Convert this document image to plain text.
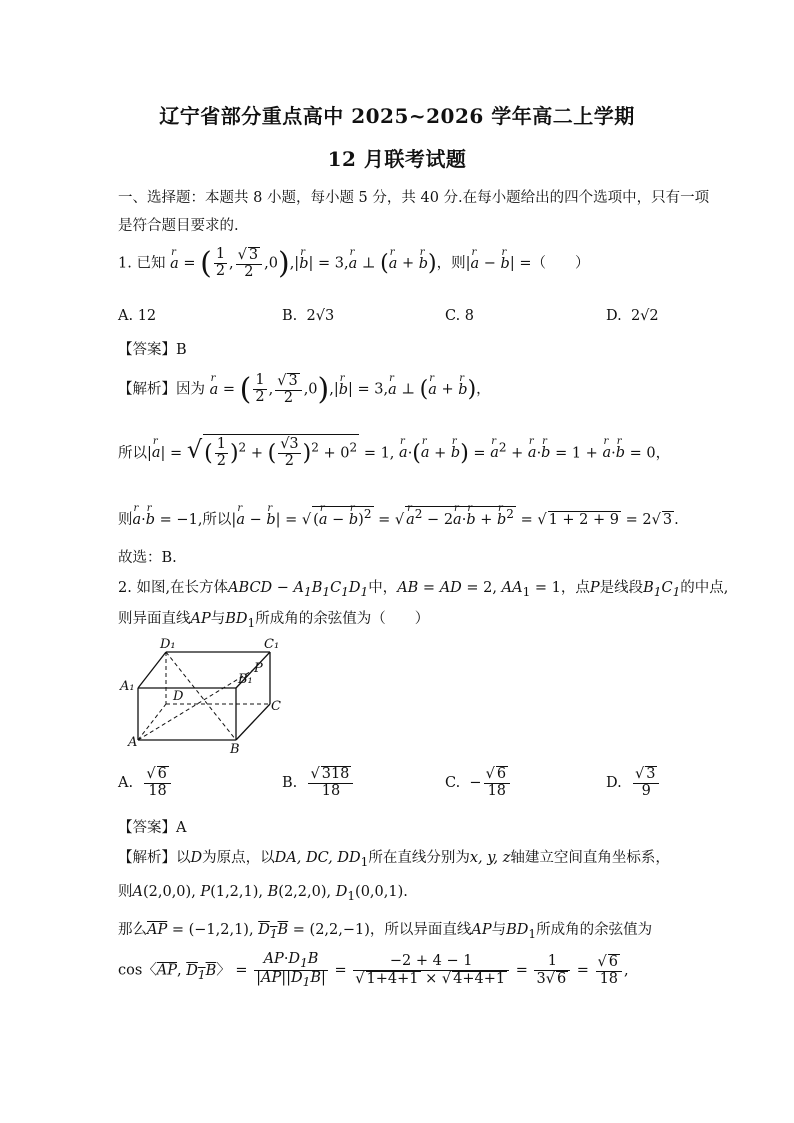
辽宁省部分重点高中 2025~2026 学年高二上学期
12 月联考试题
一、选择题：本题共 8 小题，每小题 5 分，共 40 分.在每小题给出的四个选项中，只有一项
是符合题目要求的.
1. 已知 r a = ( $\frac{1}{2}$ , $\frac{√ 3}{2} ,0),|r$ b| = 3,r a ⊥ (r a + r b)，则|r a − r b| =（　　）
A. 12	B. 2√3	C. 8	D. 2√2
【答案】B
【解析】因为 r a = ( $\frac{1}{2}$ , $\frac{√ 3}{2} ,0),|r$ b| = 3,r a ⊥ (r a + r b)，
所以|r a| = √( $\frac{1}{2} )^2$ + ( $\frac{√3}{2} )^2 + 0^2 = 1$, r a·(r a + r b) = r $a^2 + r$ a·r b = 1 + r a·r b = 0，
则r a·r b = −1,所以|r a − r b| = √ (r a − r b)$^2$ = √ r $a^2 - 2r$ a·r b + r $b^2$ = √ 1 + 2 + 9 = 2√ 3 .
故选：B.
2. 如图,在长方体ABCD − $A_1B_1C_1D_1$中，AB = AD = 2, $AA_1 = 1$，点P是线段$B_1C_1$的中点,
则异面直线AP与$BD_1$所成角的余弦值为（　　）
D₁	C₁
A₁	B₁
D
C
A	B
P
A. $\frac{√ 6}{18}$	B. $\frac{√ 318}{18}$	C.  − $\frac{√ 6}{18}$	D. $\frac{√ 3}{9}$
【答案】A
【解析】以D为原点，以DA, DC, $DD_1$所在直线分别为x, y, z轴建立空间直角坐标系，
则A(2,0,0), P(1,2,1), B(2,2,0), $D_1(0,0,1)$.
那么$\overline{AP} = (-1,2,1)$, $D_1B = (2,2,-1)$，所以异面直线AP与$BD_1$所成角的余弦值为
cos〈$\overline{AP}$, $D_1B$〉 = $\frac{AP\cdot D_1B}{|AP||D_1B|} = \frac{-2 + 4 - 1}{√ 1+4+1 \times √ 4+4+1} = \frac{1}{3√ 6} = \frac{√ 6}{18}$ ,
